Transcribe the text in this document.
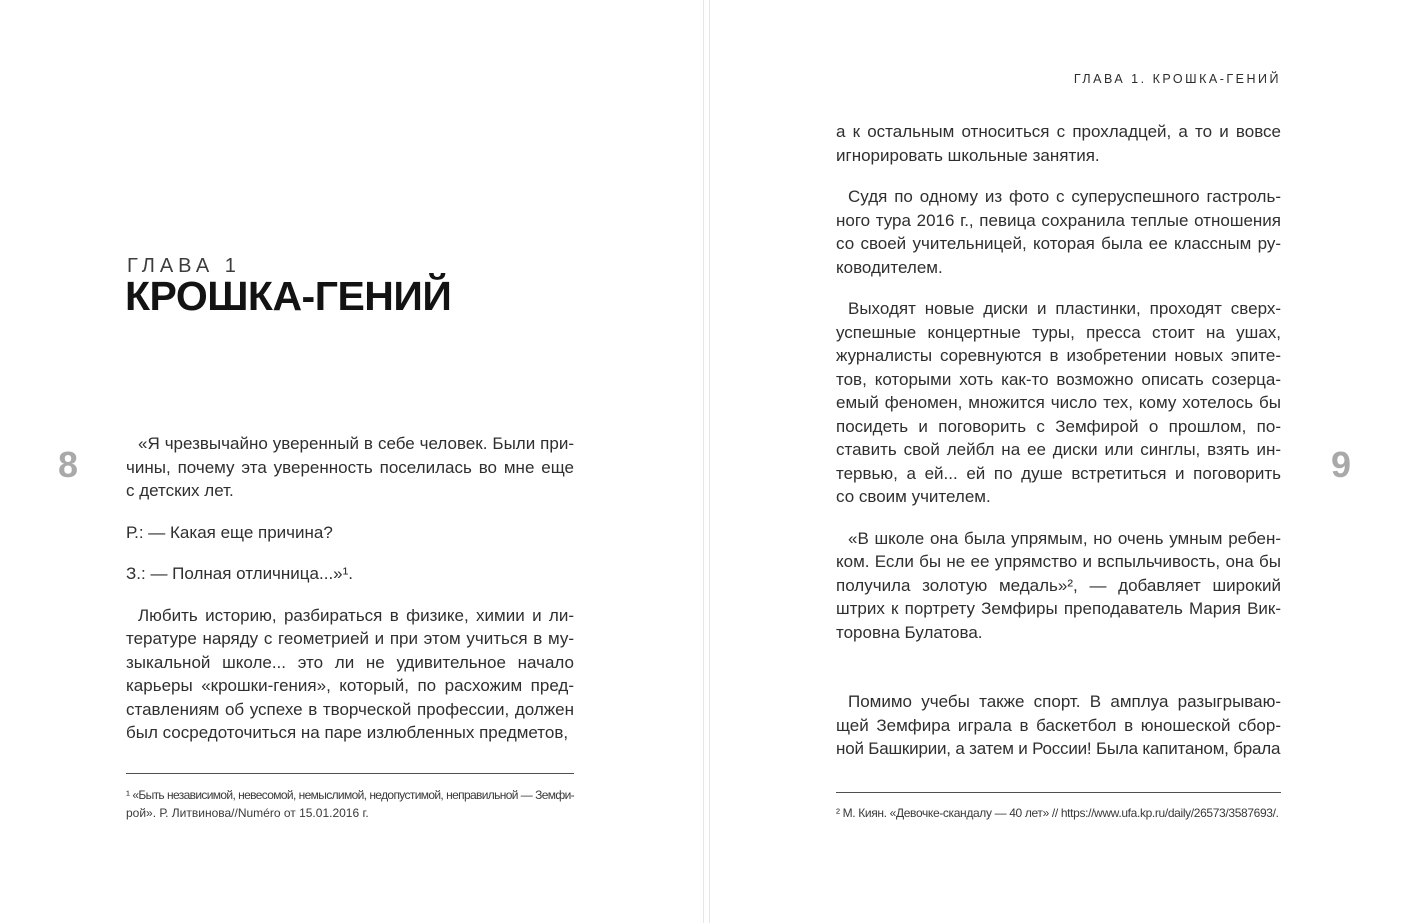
8
ГЛАВА 1
КРОШКА-ГЕНИЙ
«Я чрезвычайно уверенный в себе человек. Были при-
чины, почему эта уверенность поселилась во мне еще
с детских лет.
Р.: — Какая еще причина?
З.: — Полная отличница...»¹.
Любить историю, разбираться в физике, химии и ли-
тературе наряду с геометрией и при этом учиться в му-
зыкальной школе... это ли не удивительное начало
карьеры «крошки-гения», который, по расхожим пред-
ставлениям об успехе в творческой профессии, должен
был сосредоточиться на паре излюбленных предметов,
¹ «Быть независимой, невесомой, немыслимой, недопустимой, неправильной — Земфи-
рой». Р. Литвинова//Numéro от 15.01.2016 г.
ГЛАВА 1. КРОШКА-ГЕНИЙ
9
а к остальным относиться с прохладцей, а то и вовсе
игнорировать школьные занятия.
Судя по одному из фото с суперуспешного гастроль-
ного тура 2016 г., певица сохранила теплые отношения
со своей учительницей, которая была ее классным ру-
ководителем.
Выходят новые диски и пластинки, проходят сверх-
успешные концертные туры, пресса стоит на ушах,
журналисты соревнуются в изобретении новых эпите-
тов, которыми хоть как-то возможно описать созерца-
емый феномен, множится число тех, кому хотелось бы
посидеть и поговорить с Земфирой о прошлом, по-
ставить свой лейбл на ее диски или синглы, взять ин-
тервью, а ей... ей по душе встретиться и поговорить
со своим учителем.
«В школе она была упрямым, но очень умным ребен-
ком. Если бы не ее упрямство и вспыльчивость, она бы
получила золотую медаль»², — добавляет широкий
штрих к портрету Земфиры преподаватель Мария Вик-
торовна Булатова.
Помимо учебы также спорт. В амплуа разыгрываю-
щей Земфира играла в баскетбол в юношеской сбор-
ной Башкирии, а затем и России! Была капитаном, брала
² М. Киян. «Девочке-скандалу — 40 лет» // https://www.ufa.kp.ru/daily/26573/3587693/.
